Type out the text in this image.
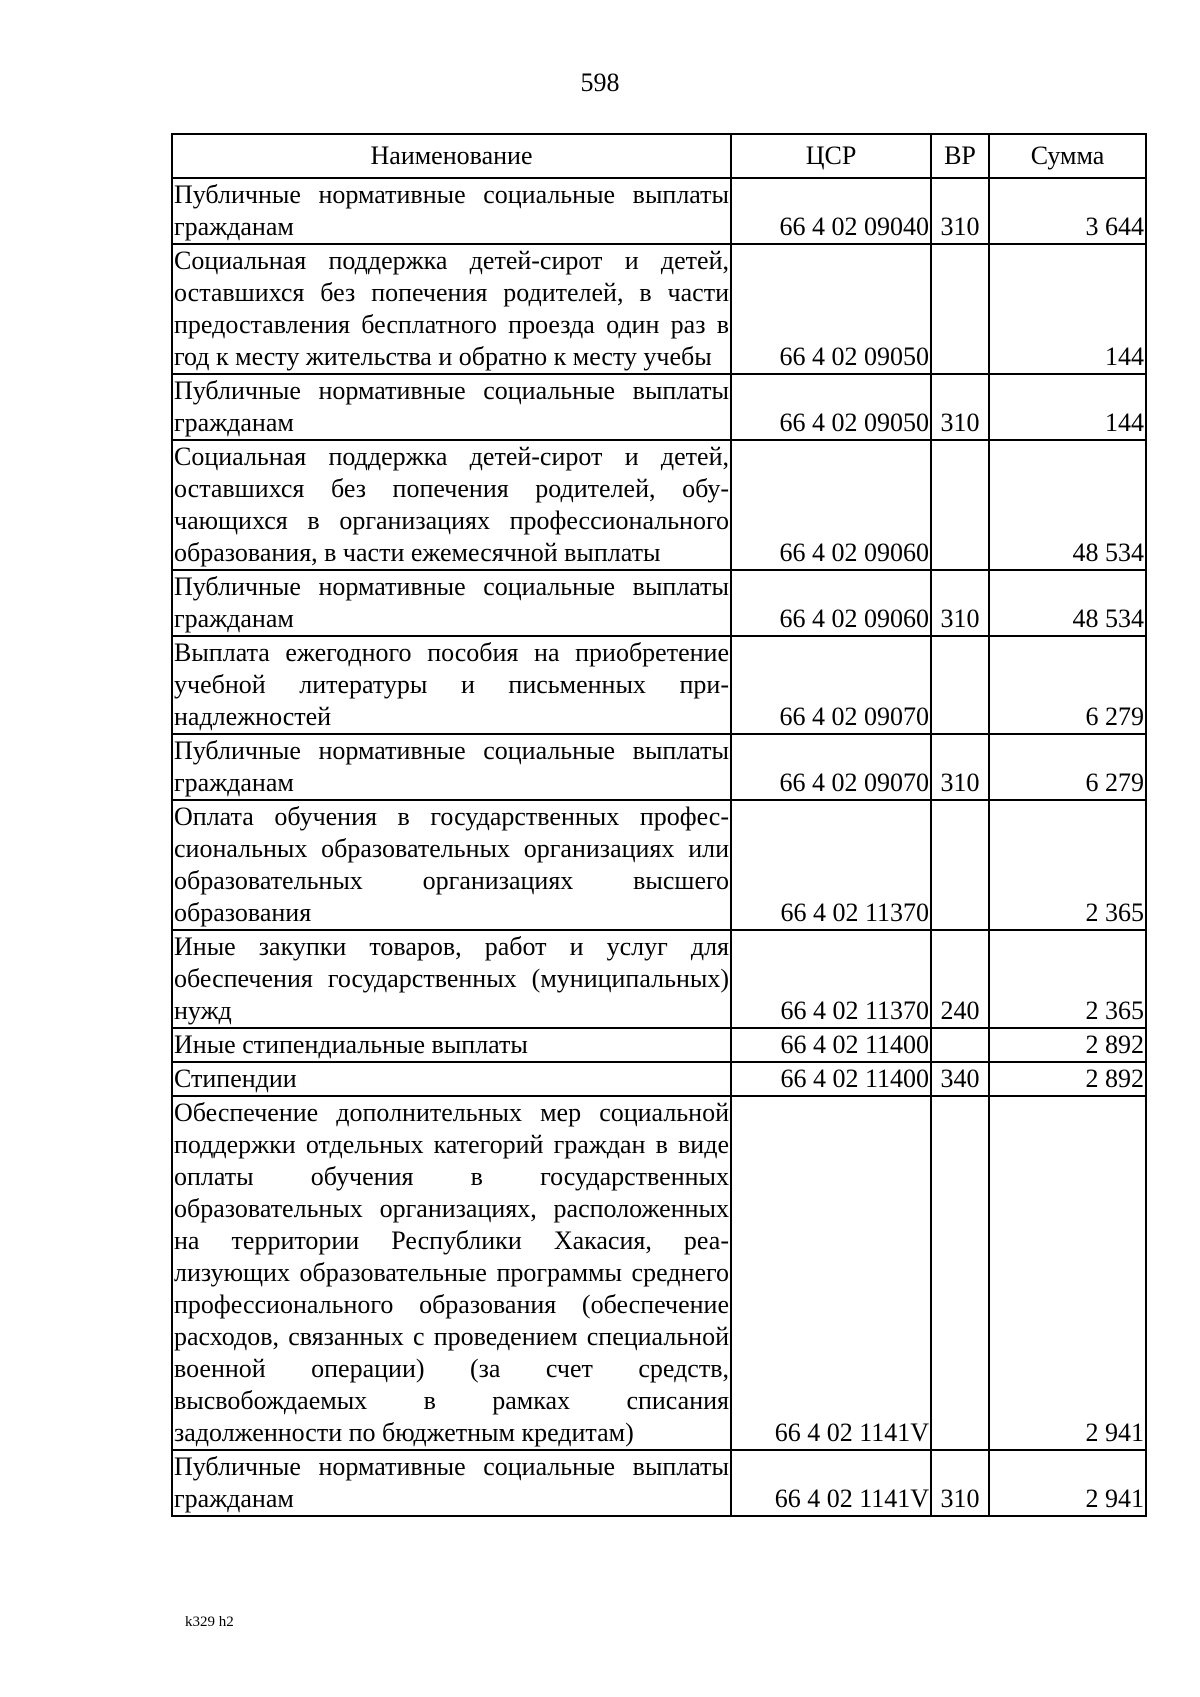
598
Наименование	ЦСР	ВР	Сумма
Публичные нормативные социальные выплаты гражданам	66 4 02 09040	310	3 644
Социальная поддержка детей-сирот и детей, оставшихся без попечения родителей, в части предоставления бесплатного проезда один раз в год к месту жительства и обратно к месту учебы	66 4 02 09050		144
Публичные нормативные социальные выплаты гражданам	66 4 02 09050	310	144
Социальная поддержка детей-сирот и детей, оставшихся без попечения родителей, обучающихся в организациях профессионального образования, в части ежемесячной выплаты	66 4 02 09060		48 534
Публичные нормативные социальные выплаты гражданам	66 4 02 09060	310	48 534
Выплата ежегодного пособия на приобретение учебной литературы и письменных принадлежностей	66 4 02 09070		6 279
Публичные нормативные социальные выплаты гражданам	66 4 02 09070	310	6 279
Оплата обучения в государственных профессиональных образовательных организациях или образовательных организациях высшего образования	66 4 02 11370		2 365
Иные закупки товаров, работ и услуг для обеспечения государственных (муниципальных) нужд	66 4 02 11370	240	2 365
Иные стипендиальные выплаты	66 4 02 11400		2 892
Стипендии	66 4 02 11400	340	2 892
Обеспечение дополнительных мер социальной поддержки отдельных категорий граждан в виде оплаты обучения в государственных образовательных организациях, расположенных на территории Республики Хакасия, реализующих образовательные программы среднего профессионального образования (обеспечение расходов, связанных с проведением специальной военной операции) (за счет средств, высвобождаемых в рамках списания задолженности по бюджетным кредитам)	66 4 02 1141V		2 941
Публичные нормативные социальные выплаты гражданам	66 4 02 1141V	310	2 941
k329 h2
